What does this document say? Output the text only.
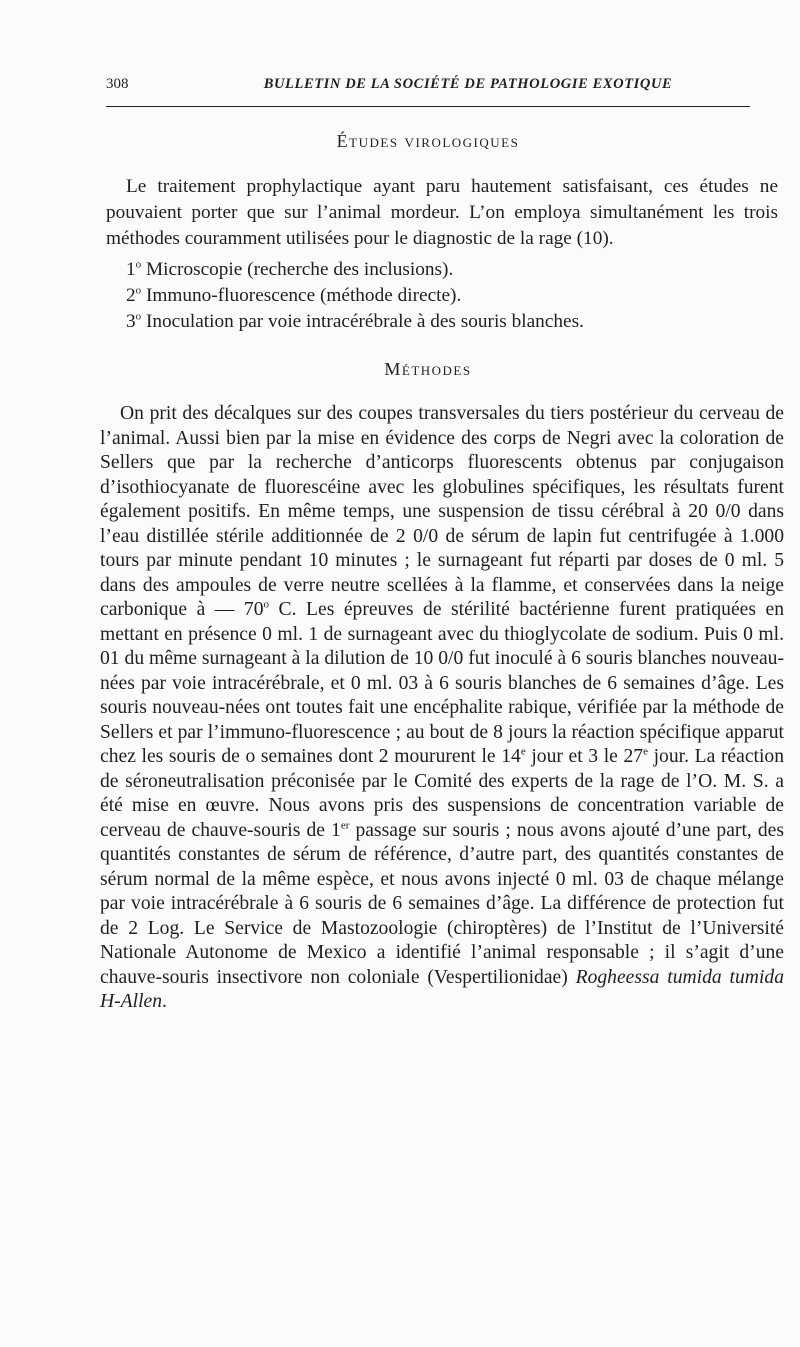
308	BULLETIN DE LA SOCIÉTÉ DE PATHOLOGIE EXOTIQUE
Études virologiques

Le traitement prophylactique ayant paru hautement satisfaisant, ces études ne pouvaient porter que sur l’animal mordeur. L’on employa simultanément les trois méthodes couramment utilisées pour le diagnostic de la rage (10).

1$^o$ Microscopie (recherche des inclusions).
2$^o$ Immuno-fluorescence (méthode directe).
3$^o$ Inoculation par voie intracérébrale à des souris blanches.
Méthodes

On prit des décalques sur des coupes transversales du tiers postérieur du cerveau de l’animal. Aussi bien par la mise en évidence des corps de Negri avec la coloration de Sellers que par la recherche d’anticorps fluorescents obtenus par conjugaison d’isothiocyanate de fluorescéine avec les globulines spécifiques, les résultats furent également positifs. En même temps, une suspension de tissu cérébral à 20 0/0 dans l’eau distillée stérile additionnée de 2 0/0 de sérum de lapin fut centrifugée à 1.000 tours par minute pendant 10 minutes ; le surnageant fut réparti par doses de 0 ml. 5 dans des ampoules de verre neutre scellées à la flamme, et conservées dans la neige carbonique à — 70$^o$ C. Les épreuves de stérilité bactérienne furent pratiquées en mettant en présence 0 ml. 1 de surnageant avec du thioglycolate de sodium. Puis 0 ml. 01 du même surnageant à la dilution de 10 0/0 fut inoculé à 6 souris blanches nouveau-nées par voie intracérébrale, et 0 ml. 03 à 6 souris blanches de 6 semaines d’âge. Les souris nouveau-nées ont toutes fait une encéphalite rabique, vérifiée par la méthode de Sellers et par l’immuno-fluorescence ; au bout de 8 jours la réaction spécifique apparut chez les souris de ο semaines dont 2 moururent le 14e jour et 3 le 27e jour. La réaction de séroneutralisation préconisée par le Comité des experts de la rage de l’O. M. S. a été mise en œuvre. Nous avons pris des suspensions de concentration variable de cerveau de chauve-souris de 1er passage sur souris ; nous avons ajouté d’une part, des quantités constantes de sérum de référence, d’autre part, des quantités constantes de sérum normal de la même espèce, et nous avons injecté 0 ml. 03 de chaque mélange par voie intracérébrale à 6 souris de 6 semaines d’âge. La différence de protection fut de 2 Log. Le Service de Mastozoologie (chiroptères) de l’Institut de l’Université Nationale Autonome de Mexico a identifié l’animal responsable ; il s’agit d’une chauve-souris insectivore non coloniale (Vespertilionidae) Rogheessa tumida tumida H-Allen.
